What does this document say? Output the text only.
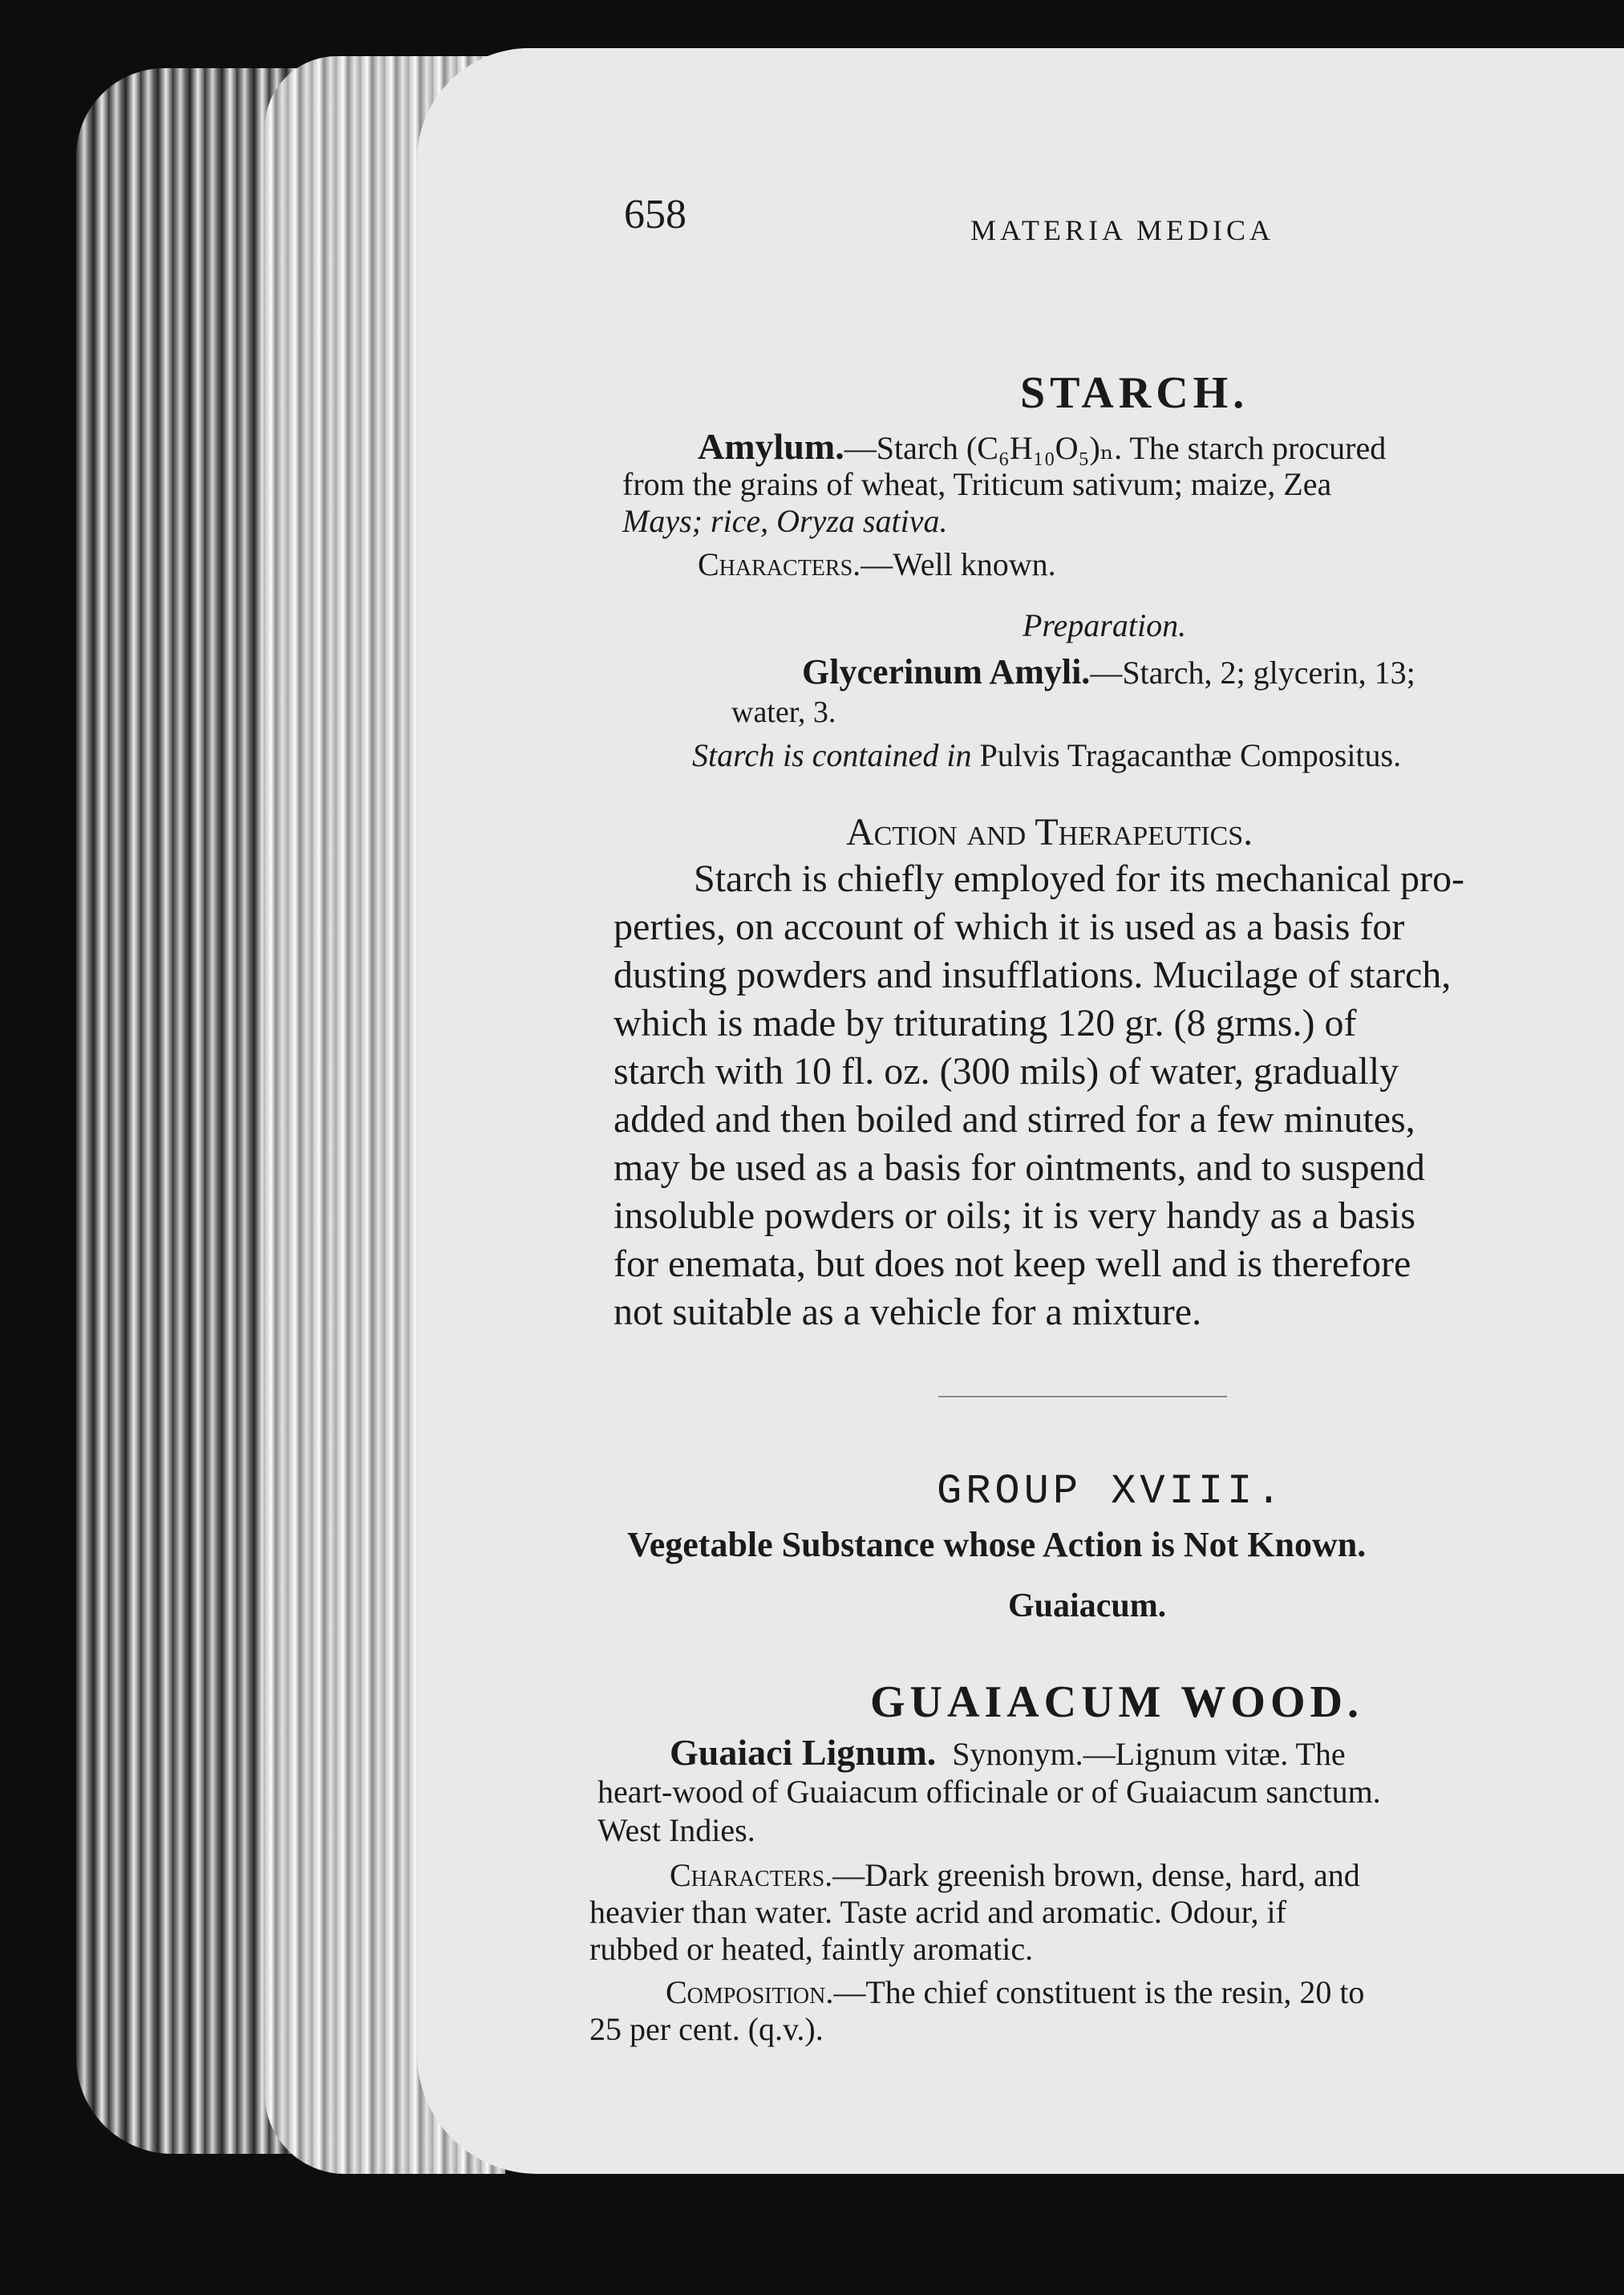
658	MATERIA MEDICA
STARCH.
Amylum.—Starch (C₆H₁₀O₅)ₙ. The starch procured
from the grains of wheat, Triticum sativum; maize, Zea
Mays; rice, Oryza sativa.
Characters.—Well known.
Preparation.
Glycerinum Amyli.—Starch, 2; glycerin, 13;
water, 3.
Starch is contained in Pulvis Tragacanthæ Compositus.
Action and Therapeutics.
Starch is chiefly employed for its mechanical pro-
perties, on account of which it is used as a basis for
dusting powders and insufflations. Mucilage of starch,
which is made by triturating 120 gr. (8 grms.) of
starch with 10 fl. oz. (300 mils) of water, gradually
added and then boiled and stirred for a few minutes,
may be used as a basis for ointments, and to suspend
insoluble powders or oils; it is very handy as a basis
for enemata, but does not keep well and is therefore
not suitable as a vehicle for a mixture.
GROUP XVIII.
Vegetable Substance whose Action is Not Known.
Guaiacum.
GUAIACUM WOOD.
Guaiaci Lignum. Synonym.—Lignum vitæ. The
heart-wood of Guaiacum officinale or of Guaiacum sanctum.
West Indies.
Characters.—Dark greenish brown, dense, hard, and
heavier than water. Taste acrid and aromatic. Odour, if
rubbed or heated, faintly aromatic.
Composition.—The chief constituent is the resin, 20 to
25 per cent. (q.v.).
